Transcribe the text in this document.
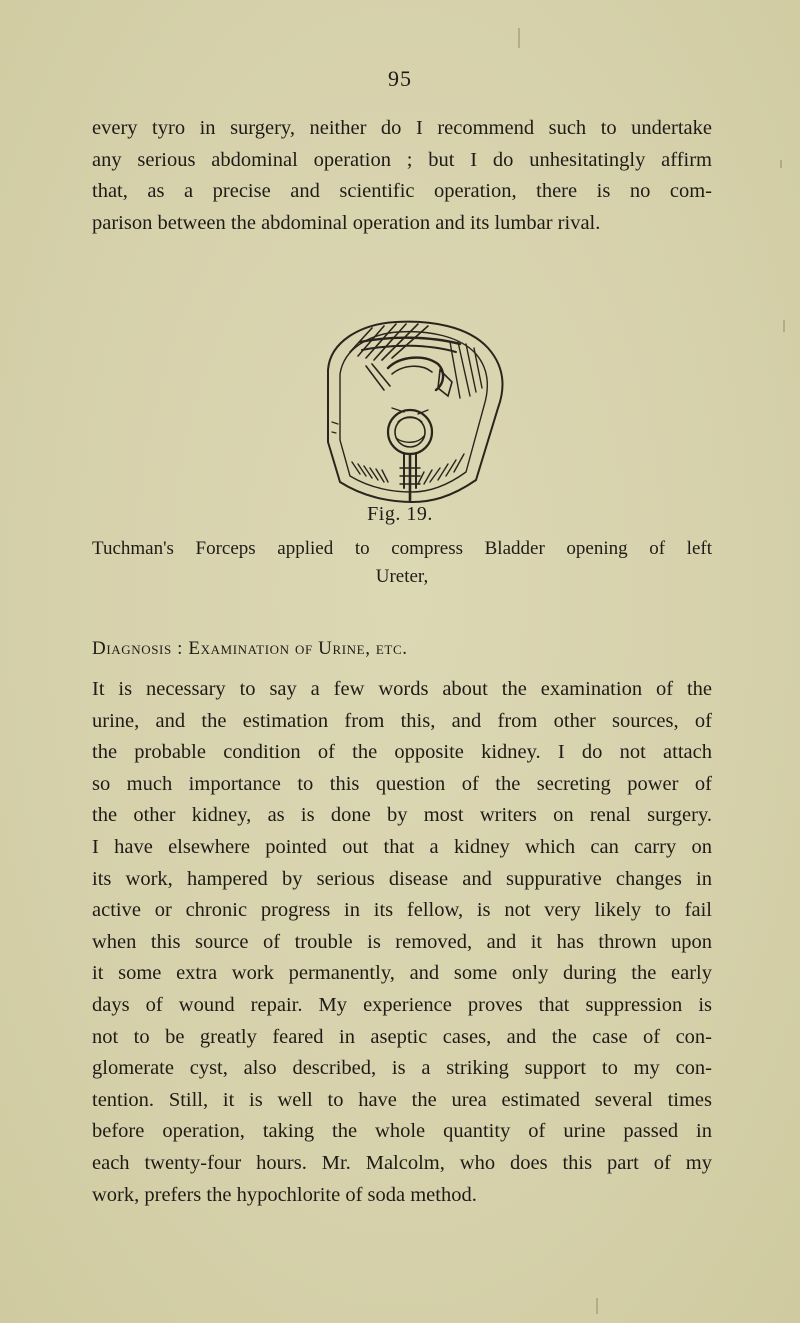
95

every tyro in surgery, neither do I recommend such to undertake
any serious abdominal operation ; but I do unhesitatingly affirm
that, as a precise and scientific operation, there is no com-
parison between the abdominal operation and its lumbar rival.

Fig. 19.
Tuchman's Forceps applied to compress Bladder opening of left
Ureter,
Diagnosis : Examination of Urine, etc.

It is necessary to say a few words about the examination of the
urine, and the estimation from this, and from other sources, of
the probable condition of the opposite kidney. I do not attach
so much importance to this question of the secreting power of
the other kidney, as is done by most writers on renal surgery.
I have elsewhere pointed out that a kidney which can carry on
its work, hampered by serious disease and suppurative changes in
active or chronic progress in its fellow, is not very likely to fail
when this source of trouble is removed, and it has thrown upon
it some extra work permanently, and some only during the early
days of wound repair. My experience proves that suppression is
not to be greatly feared in aseptic cases, and the case of con-
glomerate cyst, also described, is a striking support to my con-
tention. Still, it is well to have the urea estimated several times
before operation, taking the whole quantity of urine passed in
each twenty-four hours. Mr. Malcolm, who does this part of my
work, prefers the hypochlorite of soda method.
